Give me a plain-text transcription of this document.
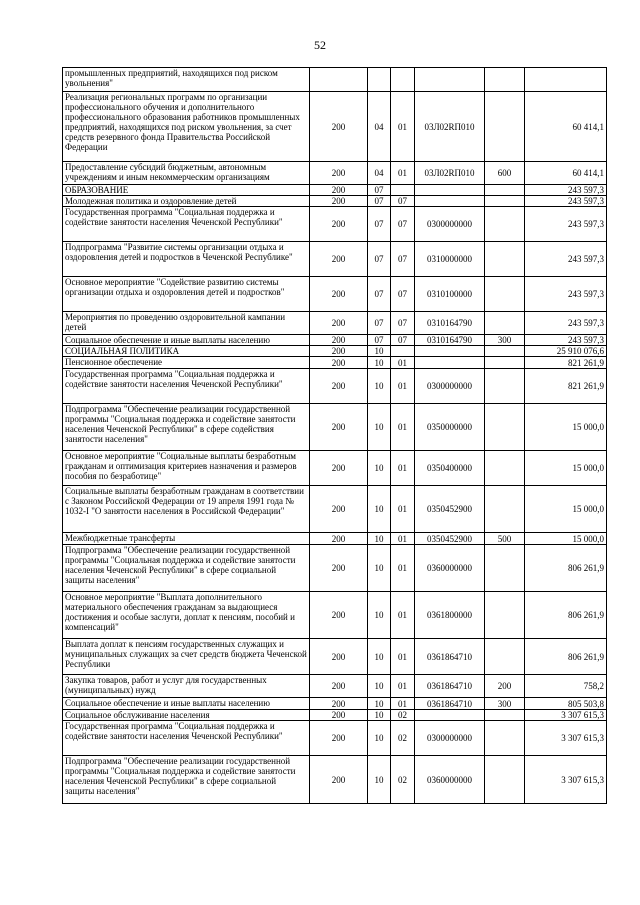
52
промышленных предприятий, находящихся под риском увольнения"						
Реализация региональных программ по организации профессионального обучения и дополнительного профессионального образования работников промышленных предприятий, находящихся под риском увольнения, за счет средств резервного фонда Правительства Российской Федерации	200	04	01	03Л02RП010		60 414,1
Предоставление субсидий бюджетным, автономным учреждениям и иным некоммерческим организациям	200	04	01	03Л02RП010	600	60 414,1
ОБРАЗОВАНИЕ	200	07				243 597,3
Молодежная политика и оздоровление детей	200	07	07			243 597,3
Государственная программа "Социальная поддержка и содействие занятости населения Чеченской Республики"	200	07	07	0300000000		243 597,3
Подпрограмма "Развитие системы организации отдыха и оздоровления детей и подростков в Чеченской Республике"	200	07	07	0310000000		243 597,3
Основное мероприятие "Содействие развитию системы организации отдыха и оздоровления детей и подростков"	200	07	07	0310100000		243 597,3
Мероприятия по проведению оздоровительной кампании детей	200	07	07	0310164790		243 597,3
Социальное обеспечение и иные выплаты населению	200	07	07	0310164790	300	243 597,3
СОЦИАЛЬНАЯ ПОЛИТИКА	200	10				25 910 076,6
Пенсионное обеспечение	200	10	01			821 261,9
Государственная программа "Социальная поддержка и содействие занятости населения Чеченской Республики"	200	10	01	0300000000		821 261,9
Подпрограмма "Обеспечение реализации государственной программы "Социальная поддержка и содействие занятости населения Чеченской Республики" в сфере содействия занятости населения"	200	10	01	0350000000		15 000,0
Основное мероприятие "Социальные выплаты безработным гражданам и оптимизация критериев назначения и размеров пособия по безработице"	200	10	01	0350400000		15 000,0
Социальные выплаты безработным гражданам в соответствии с Законом Российской Федерации от 19 апреля 1991 года № 1032-I "О занятости населения в Российской Федерации"	200	10	01	0350452900		15 000,0
Межбюджетные трансферты	200	10	01	0350452900	500	15 000,0
Подпрограмма "Обеспечение реализации государственной программы "Социальная поддержка и содействие занятости населения Чеченской Республики" в сфере социальной защиты населения"	200	10	01	0360000000		806 261,9
Основное мероприятие "Выплата дополнительного материального обеспечения гражданам за выдающиеся достижения и особые заслуги, доплат к пенсиям, пособий и компенсаций"	200	10	01	0361800000		806 261,9
Выплата доплат к пенсиям государственных служащих и муниципальных служащих за счет средств бюджета Чеченской Республики	200	10	01	0361864710		806 261,9
Закупка товаров, работ и услуг для государственных (муниципальных) нужд	200	10	01	0361864710	200	758,2
Социальное обеспечение и иные выплаты населению	200	10	01	0361864710	300	805 503,8
Социальное обслуживание населения	200	10	02			3 307 615,3
Государственная программа "Социальная поддержка и содействие занятости населения Чеченской Республики"	200	10	02	0300000000		3 307 615,3
Подпрограмма "Обеспечение реализации государственной программы "Социальная поддержка и содействие занятости населения Чеченской Республики" в сфере социальной защиты населения"	200	10	02	0360000000		3 307 615,3
